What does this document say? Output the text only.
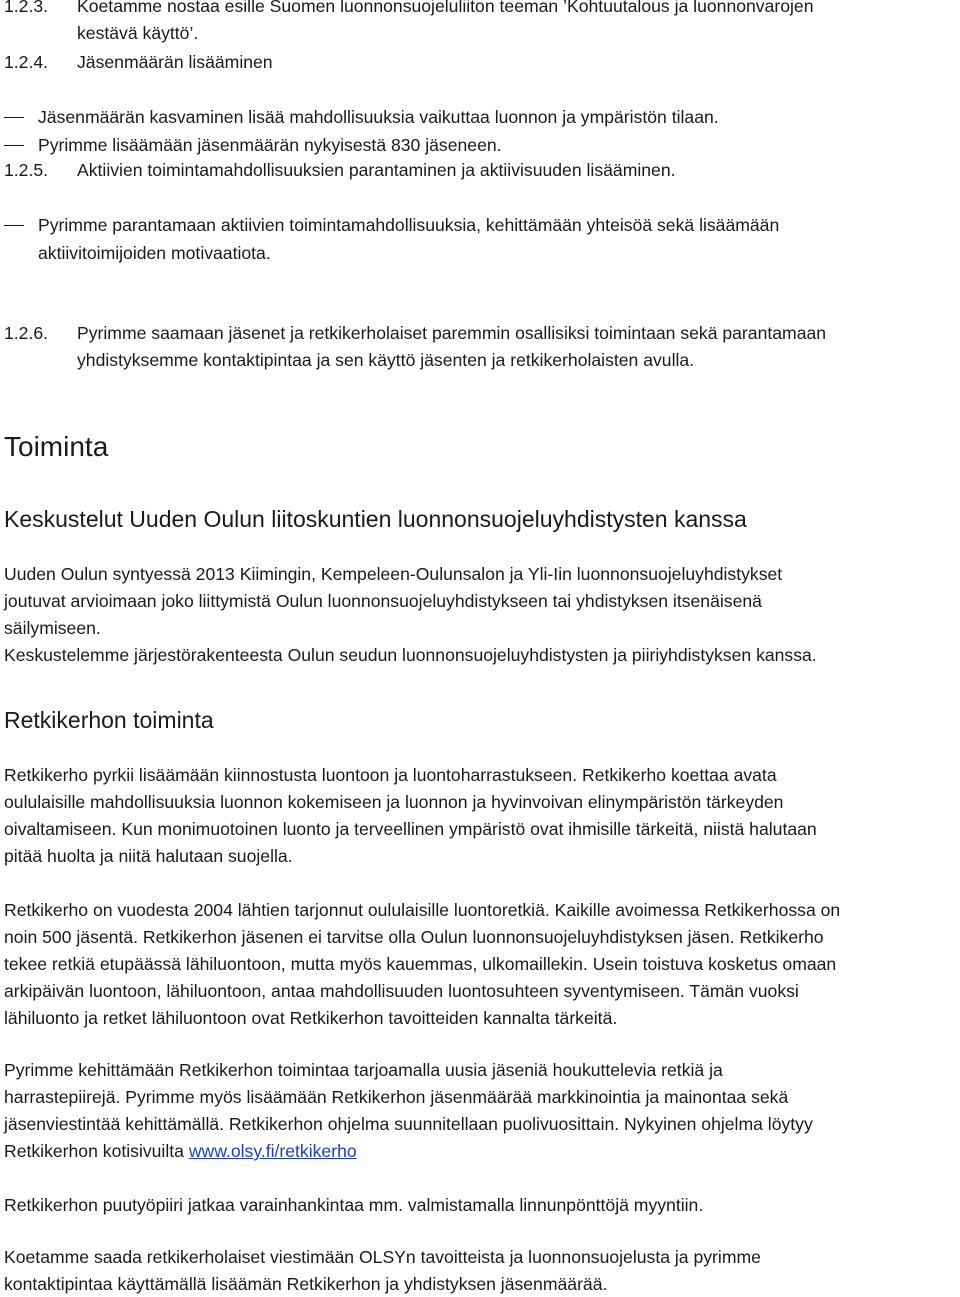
1.2.3. Koetamme nostaa esille Suomen luonnonsuojeluliiton teeman ’Kohtuutalous ja luonnonvarojen
kestävä käyttö’.
1.2.4. Jäsenmäärän lisääminen
Jäsenmäärän kasvaminen lisää mahdollisuuksia vaikuttaa luonnon ja ympäristön tilaan.
Pyrimme lisäämään jäsenmäärän nykyisestä 830 jäseneen.
1.2.5. Aktiivien toimintamahdollisuuksien parantaminen ja aktiivisuuden lisääminen.
Pyrimme parantamaan aktiivien toimintamahdollisuuksia, kehittämään yhteisöä sekä lisäämään
aktiivitoimijoiden motivaatiota.
1.2.6. Pyrimme saamaan jäsenet ja retkikerholaiset paremmin osallisiksi toimintaan sekä parantamaan
yhdistyksemme kontaktipintaa ja sen käyttö jäsenten ja retkikerholaisten avulla.
Toiminta
Keskustelut Uuden Oulun liitoskuntien luonnonsuojeluyhdistysten kanssa
Uuden Oulun syntyessä 2013 Kiimingin, Kempeleen-Oulunsalon ja Yli-Iin luonnonsuojeluyhdistykset
joutuvat arvioimaan joko liittymistä Oulun luonnonsuojeluyhdistykseen tai yhdistyksen itsenäisenä
säilymiseen.
Keskustelemme järjestörakenteesta Oulun seudun luonnonsuojeluyhdistysten ja piiriyhdistyksen kanssa.
Retkikerhon toiminta
Retkikerho pyrkii lisäämään kiinnostusta luontoon ja luontoharrastukseen. Retkikerho koettaa avata
oululaisille mahdollisuuksia luonnon kokemiseen ja luonnon ja hyvinvoivan elinympäristön tärkeyden
oivaltamiseen. Kun monimuotoinen luonto ja terveellinen ympäristö ovat ihmisille tärkeitä, niistä halutaan
pitää huolta ja niitä halutaan suojella.
Retkikerho on vuodesta 2004 lähtien tarjonnut oululaisille luontoretkiä. Kaikille avoimessa Retkikerhossa on
noin 500 jäsentä. Retkikerhon jäsenen ei tarvitse olla Oulun luonnonsuojeluyhdistyksen jäsen. Retkikerho
tekee retkiä etupäässä lähiluontoon, mutta myös kauemmas, ulkomaillekin. Usein toistuva kosketus omaan
arkipäivän luontoon, lähiluontoon, antaa mahdollisuuden luontosuhteen syventymiseen. Tämän vuoksi
lähiluonto ja retket lähiluontoon ovat Retkikerhon tavoitteiden kannalta tärkeitä.
Pyrimme kehittämään Retkikerhon toimintaa tarjoamalla uusia jäseniä houkuttelevia retkiä ja
harrastepiirejä. Pyrimme myös lisäämään Retkikerhon jäsenmäärää markkinointia ja mainontaa sekä
jäsenviestintää kehittämällä. Retkikerhon ohjelma suunnitellaan puolivuosittain. Nykyinen ohjelma löytyy
Retkikerhon kotisivuilta www.olsy.fi/retkikerho
Retkikerhon puutyöpiiri jatkaa varainhankintaa mm. valmistamalla linnunpönttöjä myyntiin.
Koetamme saada retkikerholaiset viestimään OLSYn tavoitteista ja luonnonsuojelusta ja pyrimme
kontaktipintaa käyttämällä lisäämän Retkikerhon ja yhdistyksen jäsenmäärää.
